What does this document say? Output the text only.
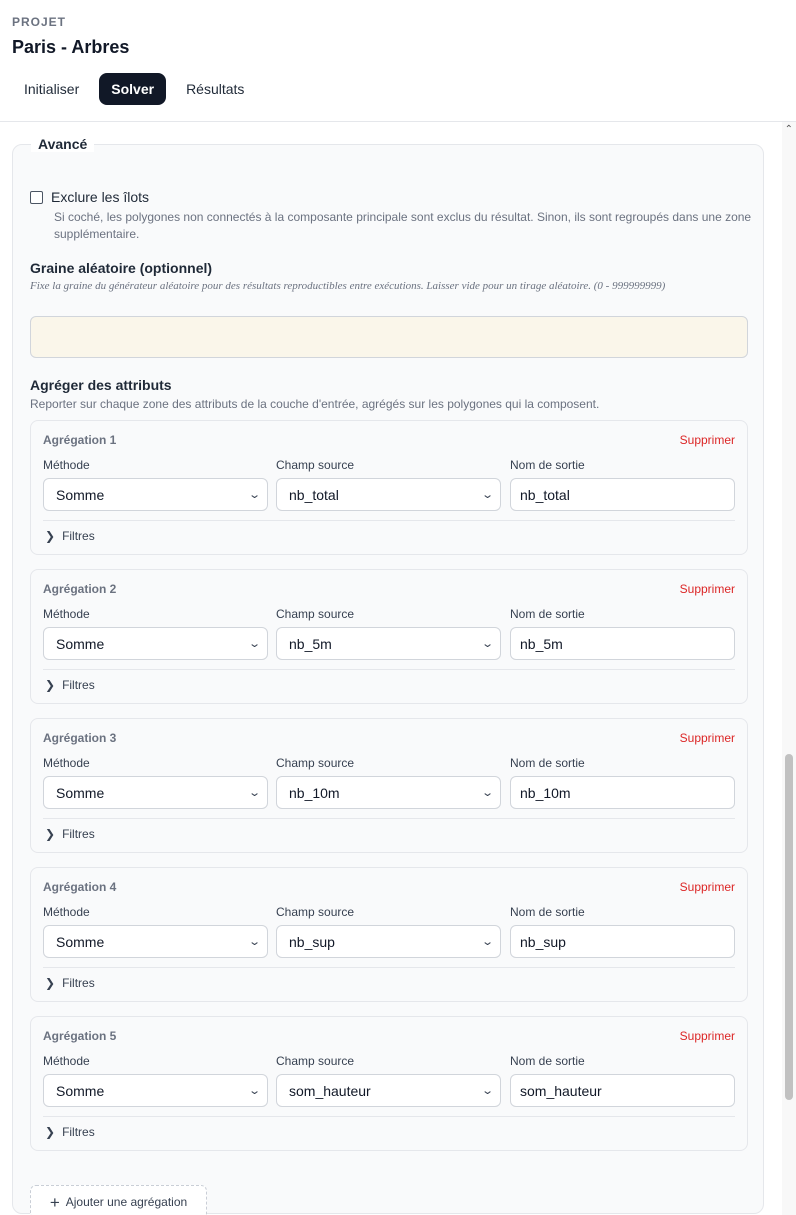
PROJET
Paris - Arbres
Initialiser	Solver	Résultats
Avancé
Exclure les îlots
Si coché, les polygones non connectés à la composante principale sont exclus du résultat. Sinon, ils sont regroupés dans une zone supplémentaire.
Graine aléatoire (optionnel)
Fixe la graine du générateur aléatoire pour des résultats reproductibles entre exécutions. Laisser vide pour un tirage aléatoire. (0 - 999999999)
Agréger des attributs
Reporter sur chaque zone des attributs de la couche d'entrée, agrégés sur les polygones qui la composent.
Agrégation 1	Supprimer
Méthode	Champ source	Nom de sortie
Somme	⌄ nb_total	⌄	nb_total
❯ Filtres
Agrégation 2	Supprimer
Méthode	Champ source	Nom de sortie
Somme	⌄ nb_5m	⌄	nb_5m
❯ Filtres
Agrégation 3	Supprimer
Méthode	Champ source	Nom de sortie
Somme	⌄ nb_10m	⌄	nb_10m
❯ Filtres
Agrégation 4	Supprimer
Méthode	Champ source	Nom de sortie
Somme	⌄ nb_sup	⌄	nb_sup
❯ Filtres
Agrégation 5	Supprimer
Méthode	Champ source	Nom de sortie
Somme	⌄ som_hauteur	⌄	som_hauteur
❯ Filtres
+ Ajouter une agrégation
⌃
